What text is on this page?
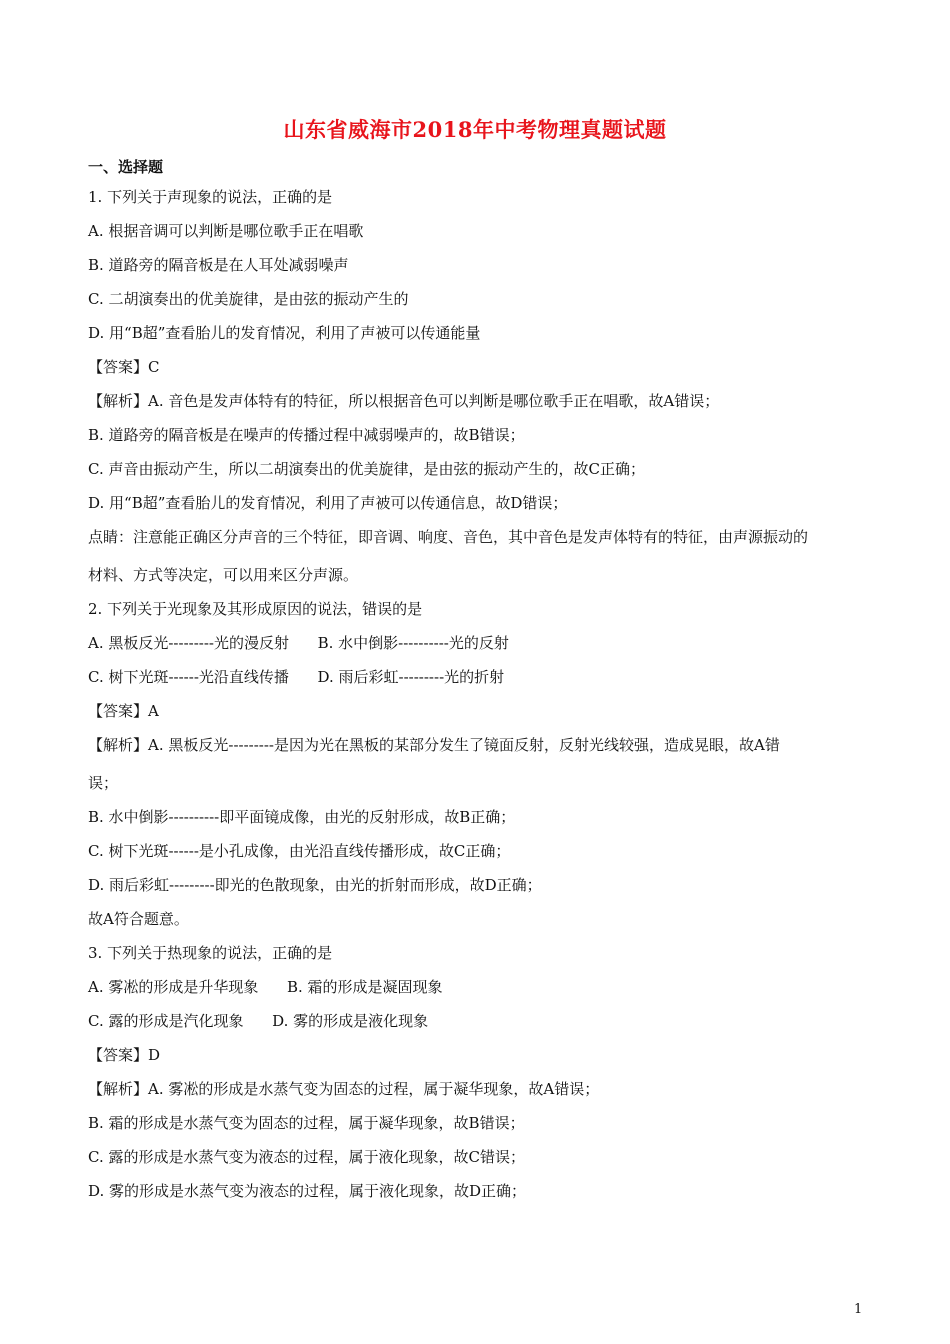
山东省威海市2018年中考物理真题试题
一、选择题
1. 下列关于声现象的说法，正确的是
A. 根据音调可以判断是哪位歌手正在唱歌
B. 道路旁的隔音板是在人耳处减弱噪声
C. 二胡演奏出的优美旋律，是由弦的振动产生的
D. 用“B超”查看胎儿的发育情况，利用了声被可以传通能量
【答案】C
【解析】A. 音色是发声体特有的特征，所以根据音色可以判断是哪位歌手正在唱歌，故A错误；
B. 道路旁的隔音板是在噪声的传播过程中减弱噪声的，故B错误；
C. 声音由振动产生，所以二胡演奏出的优美旋律，是由弦的振动产生的，故C正确；
D. 用“B超”查看胎儿的发育情况，利用了声被可以传通信息，故D错误；
点睛：注意能正确区分声音的三个特征，即音调、响度、音色，其中音色是发声体特有的特征，由声源振动的
材料、方式等决定，可以用来区分声源。
2. 下列关于光现象及其形成原因的说法，错误的是
A. 黑板反光---------光的漫反射      B. 水中倒影----------光的反射
C. 树下光斑------光沿直线传播      D. 雨后彩虹---------光的折射
【答案】A
【解析】A. 黑板反光---------是因为光在黑板的某部分发生了镜面反射，反射光线较强，造成晃眼，故A错
误；
B. 水中倒影----------即平面镜成像，由光的反射形成，故B正确；
C. 树下光斑------是小孔成像，由光沿直线传播形成，故C正确；
D. 雨后彩虹---------即光的色散现象，由光的折射而形成，故D正确；
故A符合题意。
3. 下列关于热现象的说法，正确的是
A. 雾凇的形成是升华现象      B. 霜的形成是凝固现象
C. 露的形成是汽化现象      D. 雾的形成是液化现象
【答案】D
【解析】A. 雾凇的形成是水蒸气变为固态的过程，属于凝华现象，故A错误；
B. 霜的形成是水蒸气变为固态的过程，属于凝华现象，故B错误；
C. 露的形成是水蒸气变为液态的过程，属于液化现象，故C错误；
D. 雾的形成是水蒸气变为液态的过程，属于液化现象，故D正确；
1
